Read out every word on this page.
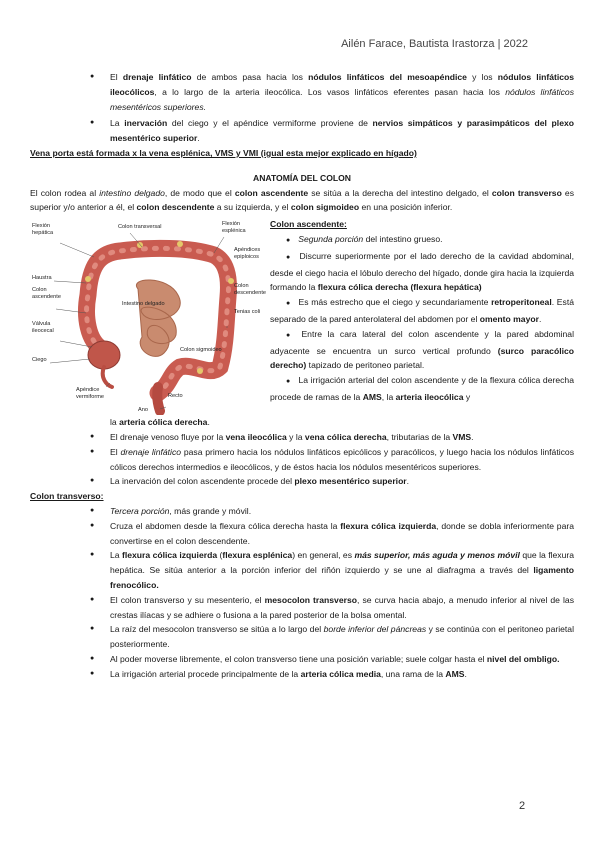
Ailén Farace, Bautista Irastorza | 2022
● El drenaje linfático de ambos pasa hacia los nódulos linfáticos del mesoapéndice y los nódulos linfáticos ileocólicos, a lo largo de la arteria ileocólica. Los vasos linfáticos eferentes pasan hacia los nódulos linfáticos mesentéricos superiores.
● La inervación del ciego y el apéndice vermiforme proviene de nervios simpáticos y parasimpáticos del plexo mesentérico superior.

Vena porta está formada x la vena esplénica, VMS y VMI (igual esta mejor explicado en hígado)

ANATOMÍA DEL COLON

El colon rodea al intestino delgado, de modo que el colon ascendente se sitúa a la derecha del intestino delgado, el colon transverso es superior y/o anterior a él, el colon descendente a su izquierda, y el colon sigmoideo en una posición inferior.

Flexión hepática
Colon transversal	Flexión esplénica
Apéndices epiploicos
Haustra
Colon ascendente
Intestino delgado
Colon descendente
Tenias coli
Válvula ileocecal
Ciego
Colon sigmoideo
Apéndice vermiforme	Recto
Ano

Colon ascendente:

● Segunda porción del intestino grueso.

● Discurre superiormente por el lado derecho de la cavidad abdominal, desde el ciego hacia el lóbulo derecho del hígado, donde gira hacia la izquierda formando la flexura cólica derecha (flexura hepática)

● Es más estrecho que el ciego y secundariamente retroperitoneal. Está separado de la pared anterolateral del abdomen por el omento mayor.

● Entre la cara lateral del colon ascendente y la pared abdominal adyacente se encuentra un surco vertical profundo (surco paracólico derecho) tapizado de peritoneo parietal.

● La irrigación arterial del colon ascendente y de la flexura cólica derecha procede de ramas de la AMS, la arteria ileocólica y

la arteria cólica derecha.

● El drenaje venoso fluye por la vena ileocólica y la vena cólica derecha, tributarias de la VMS.
● El drenaje linfático pasa primero hacia los nódulos linfáticos epicólicos y paracólicos, y luego hacia los nódulos linfáticos cólicos derechos intermedios e ileocólicos, y de éstos hacia los nódulos mesentéricos superiores.
● La inervación del colon ascendente procede del plexo mesentérico superior.

Colon transverso:

● Tercera porción, más grande y móvil.
● Cruza el abdomen desde la flexura cólica derecha hasta la flexura cólica izquierda, donde se dobla inferiormente para convertirse en el colon descendente.
● La flexura cólica izquierda (flexura esplénica) en general, es más superior, más aguda y menos móvil que la flexura hepática. Se sitúa anterior a la porción inferior del riñón izquierdo y se une al diafragma a través del ligamento frenocólico.
● El colon transverso y su mesenterio, el mesocolon transverso, se curva hacia abajo, a menudo inferior al nivel de las crestas ilíacas y se adhiere o fusiona a la pared posterior de la bolsa omental.
● La raíz del mesocolon transverso se sitúa a lo largo del borde inferior del páncreas y se continúa con el peritoneo parietal posteriormente.
● Al poder moverse libremente, el colon transverso tiene una posición variable; suele colgar hasta el nivel del ombligo.
● La irrigación arterial procede principalmente de la arteria cólica media, una rama de la AMS.
2
